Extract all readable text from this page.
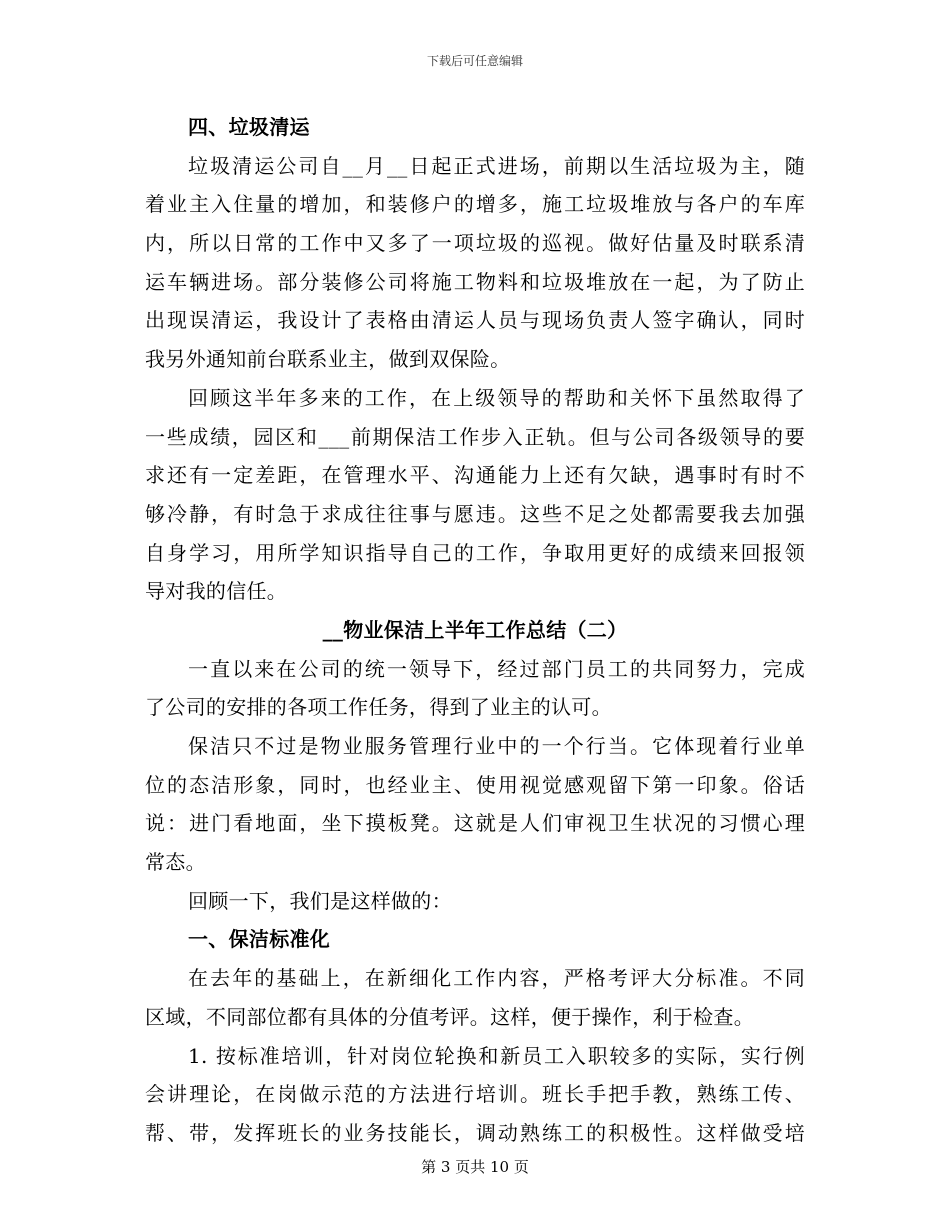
下载后可任意编辑
四、垃圾清运
垃圾清运公司自__月__日起正式进场，前期以生活垃圾为主，随
着业主入住量的增加，和装修户的增多，施工垃圾堆放与各户的车库
内，所以日常的工作中又多了一项垃圾的巡视。做好估量及时联系清
运车辆进场。部分装修公司将施工物料和垃圾堆放在一起，为了防止
出现误清运，我设计了表格由清运人员与现场负责人签字确认，同时
我另外通知前台联系业主，做到双保险。
回顾这半年多来的工作，在上级领导的帮助和关怀下虽然取得了
一些成绩，园区和___前期保洁工作步入正轨。但与公司各级领导的要
求还有一定差距，在管理水平、沟通能力上还有欠缺，遇事时有时不
够冷静，有时急于求成往往事与愿违。这些不足之处都需要我去加强
自身学习，用所学知识指导自己的工作，争取用更好的成绩来回报领
导对我的信任。
__物业保洁上半年工作总结（二）
一直以来在公司的统一领导下，经过部门员工的共同努力，完成
了公司的安排的各项工作任务，得到了业主的认可。
保洁只不过是物业服务管理行业中的一个行当。它体现着行业单
位的态洁形象，同时，也经业主、使用视觉感观留下第一印象。俗话
说：进门看地面，坐下摸板凳。这就是人们审视卫生状况的习惯心理
常态。
回顾一下，我们是这样做的：
一、保洁标准化
在去年的基础上，在新细化工作内容，严格考评大分标准。不同
区域，不同部位都有具体的分值考评。这样，便于操作，利于检查。
1. 按标准培训，针对岗位轮换和新员工入职较多的实际，实行例
会讲理论，在岗做示范的方法进行培训。班长手把手教，熟练工传、
帮、带，发挥班长的业务技能长，调动熟练工的积极性。这样做受培
第 3 页共 10 页
